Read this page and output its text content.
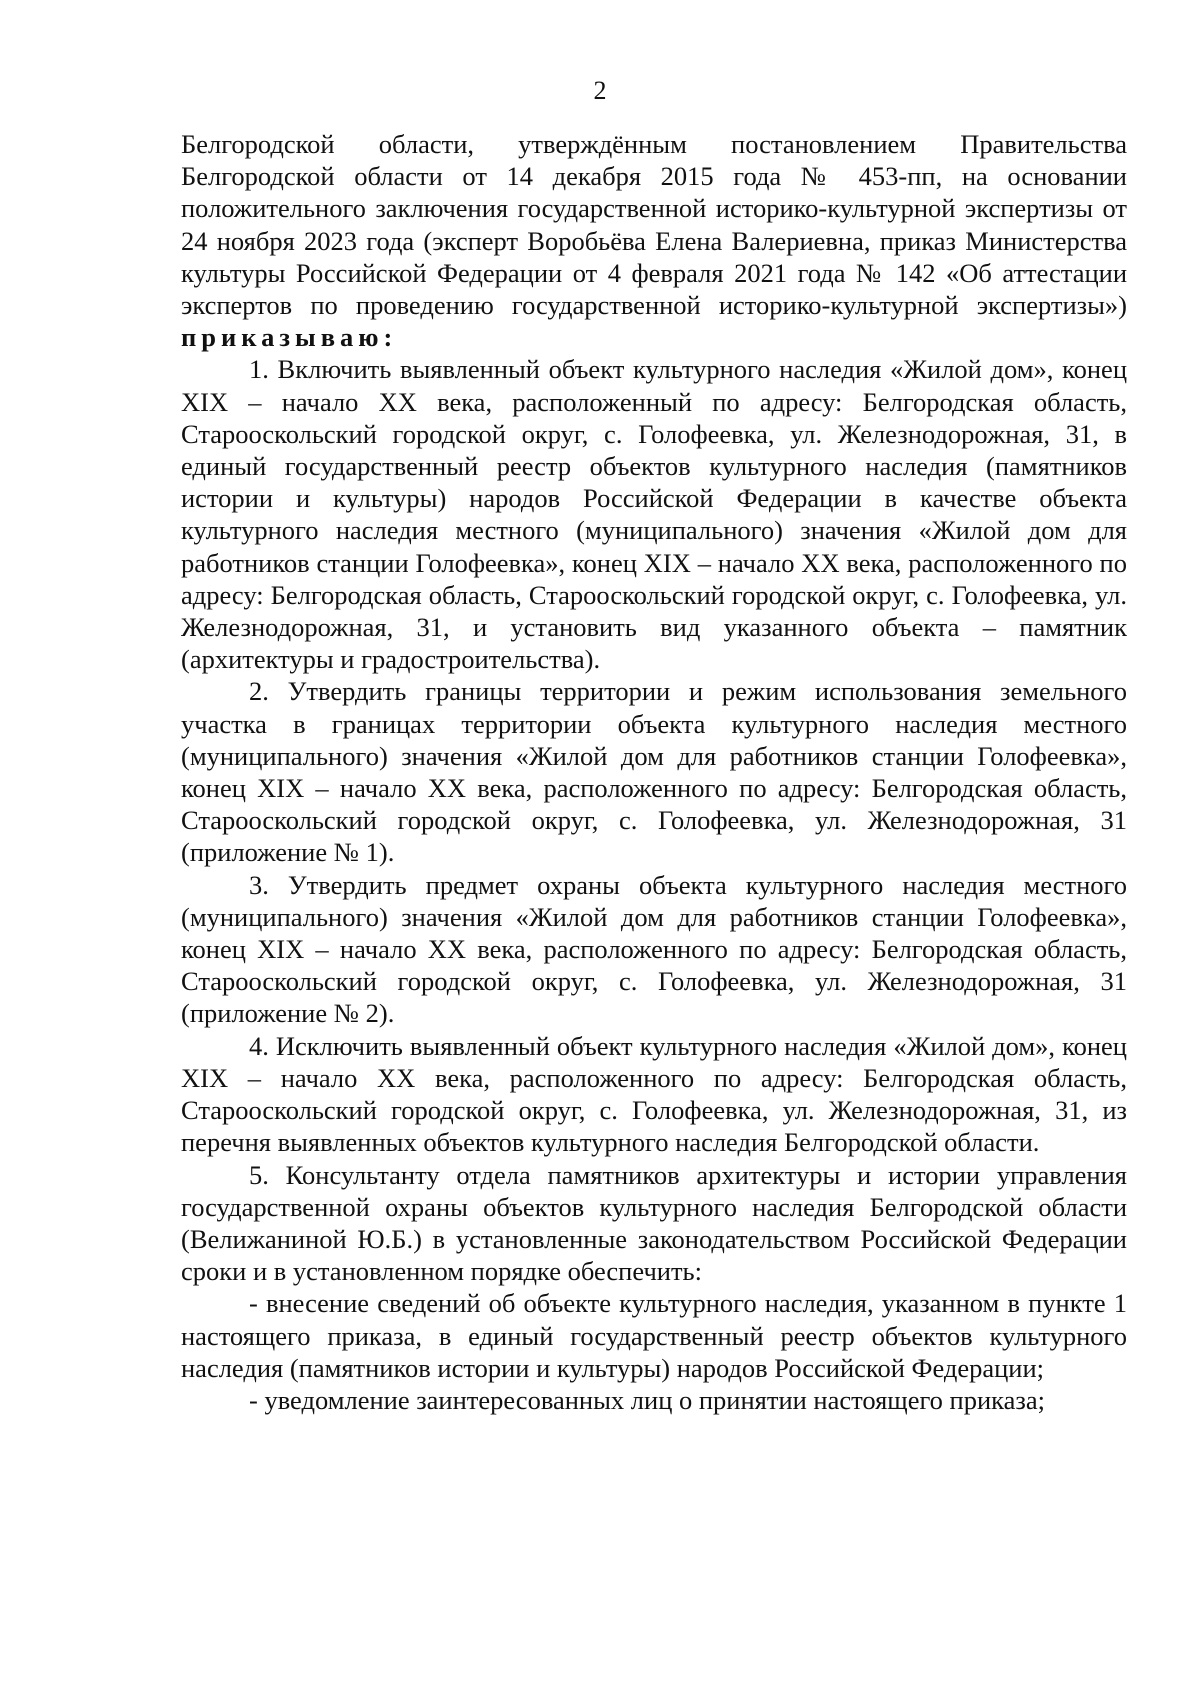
2

Белгородской области, утверждённым постановлением Правительства Белгородской области от 14 декабря 2015 года № 453-пп, на основании положительного заключения государственной историко-культурной экспертизы от 24 ноября 2023 года (эксперт Воробьёва Елена Валериевна, приказ Министерства культуры Российской Федерации от 4 февраля 2021 года № 142 «Об аттестации экспертов по проведению государственной историко-культурной экспертизы») приказываю:

1. Включить выявленный объект культурного наследия «Жилой дом», конец XIX – начало XX века, расположенный по адресу: Белгородская область, Старооскольский городской округ, с. Голофеевка, ул. Железнодорожная, 31, в единый государственный реестр объектов культурного наследия (памятников истории и культуры) народов Российской Федерации в качестве объекта культурного наследия местного (муниципального) значения «Жилой дом для работников станции Голофеевка», конец XIX – начало XX века, расположенного по адресу: Белгородская область, Старооскольский городской округ, с. Голофеевка, ул. Железнодорожная, 31, и установить вид указанного объекта – памятник (архитектуры и градостроительства).

2. Утвердить границы территории и режим использования земельного участка в границах территории объекта культурного наследия местного (муниципального) значения «Жилой дом для работников станции Голофеевка», конец XIX – начало XX века, расположенного по адресу: Белгородская область, Старооскольский городской округ, с. Голофеевка, ул. Железнодорожная, 31 (приложение № 1).

3. Утвердить предмет охраны объекта культурного наследия местного (муниципального) значения «Жилой дом для работников станции Голофеевка», конец XIX – начало XX века, расположенного по адресу: Белгородская область, Старооскольский городской округ, с. Голофеевка, ул. Железнодорожная, 31 (приложение № 2).

4. Исключить выявленный объект культурного наследия «Жилой дом», конец XIX – начало XX века, расположенного по адресу: Белгородская область, Старооскольский городской округ, с. Голофеевка, ул. Железнодорожная, 31, из перечня выявленных объектов культурного наследия Белгородской области.

5. Консультанту отдела памятников архитектуры и истории управления государственной охраны объектов культурного наследия Белгородской области (Велижаниной Ю.Б.) в установленные законодательством Российской Федерации сроки и в установленном порядке обеспечить:

- внесение сведений об объекте культурного наследия, указанном в пункте 1 настоящего приказа, в единый государственный реестр объектов культурного наследия (памятников истории и культуры) народов Российской Федерации;

- уведомление заинтересованных лиц о принятии настоящего приказа;
